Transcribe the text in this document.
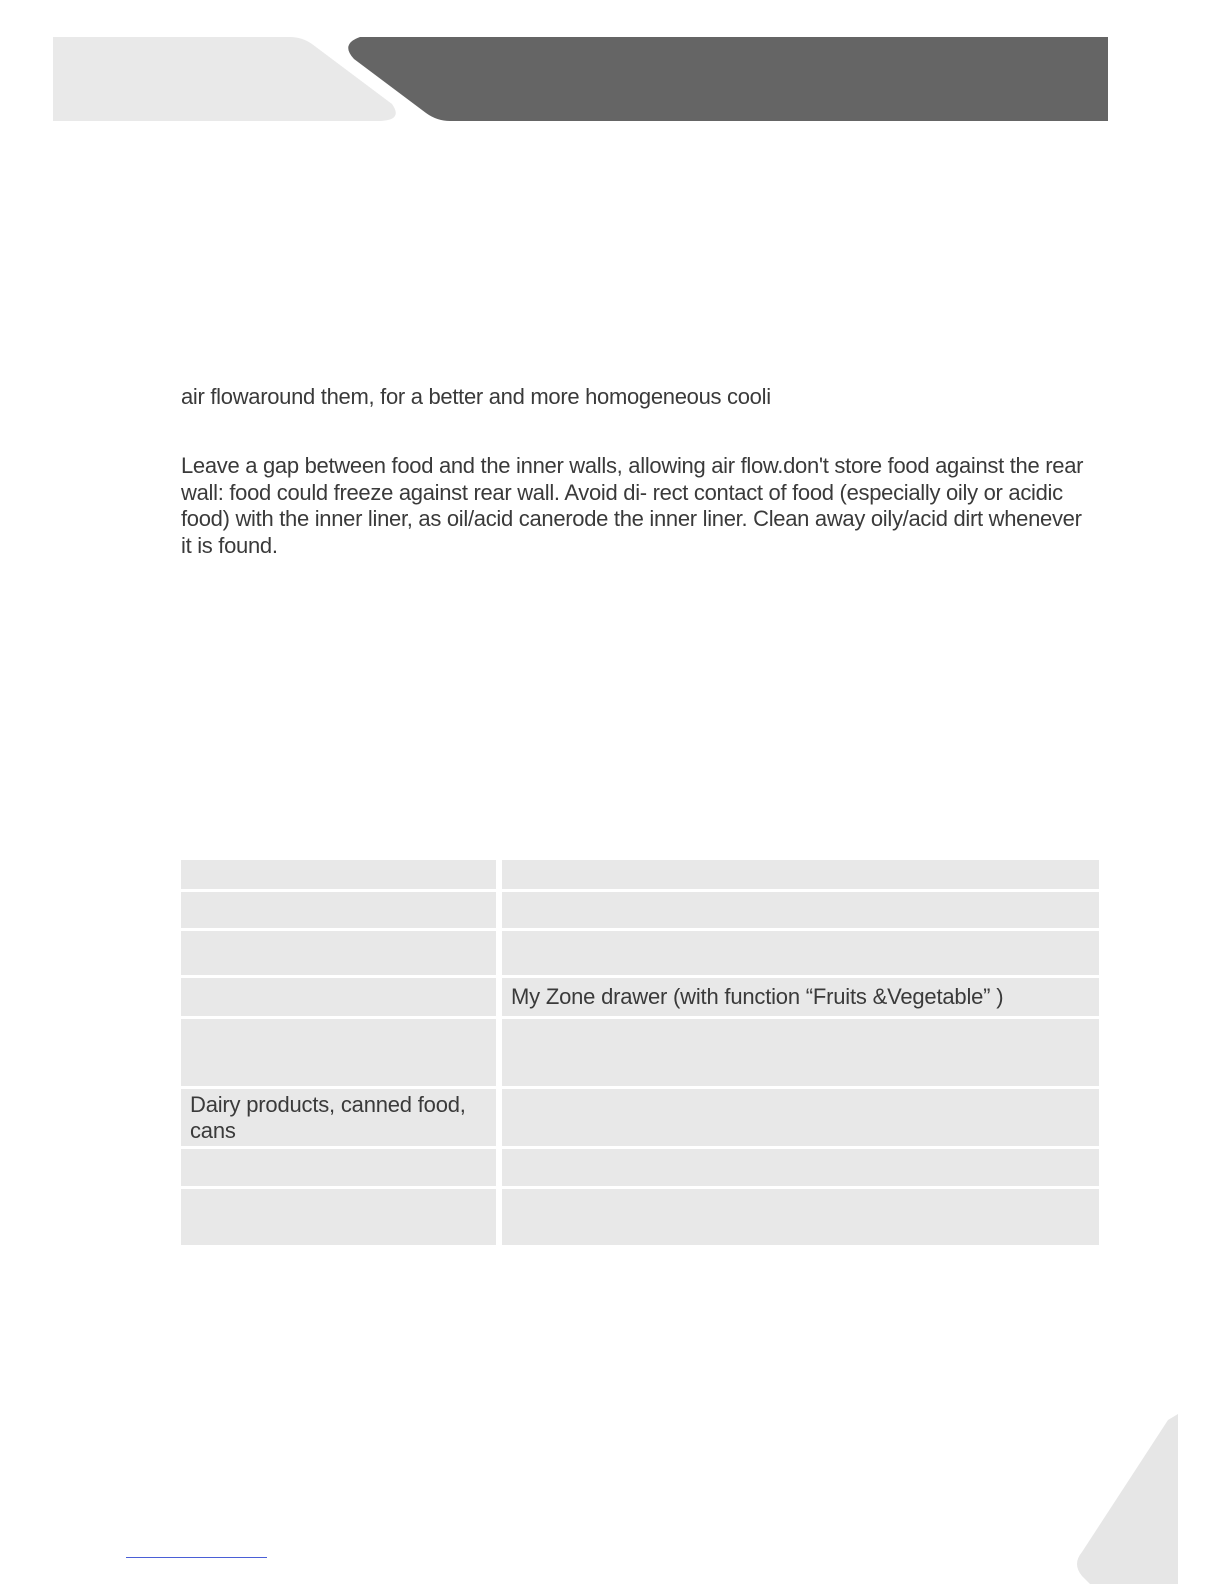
air flowaround them, for a better and more homogeneous cooli

Leave a gap between food and the inner walls, allowing air flow.don't store food against the rear wall: food could freeze against rear wall. Avoid di- rect contact of food (especially oily or acidic food) with the inner liner, as oil/acid canerode the inner liner. Clean away oily/acid dirt whenever it is found.

	My Zone drawer (with function “Fruits &Vegetable” )

Dairy products, canned food, cans	
